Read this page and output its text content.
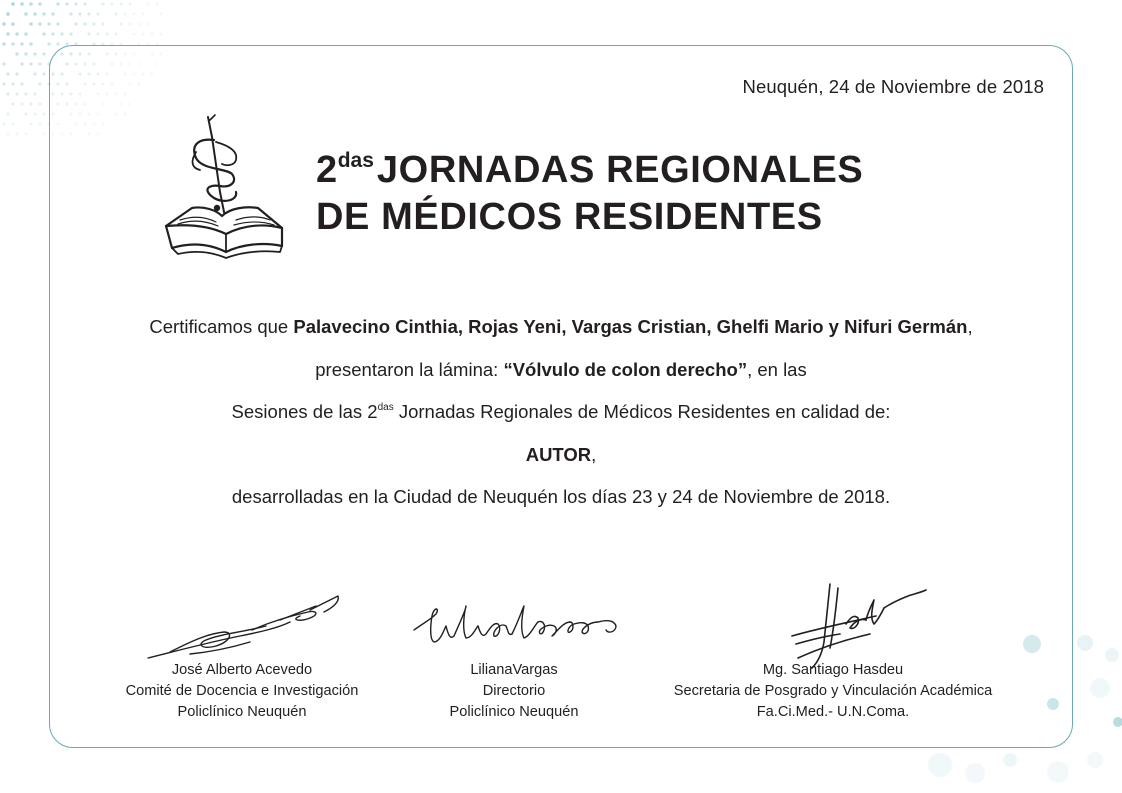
Neuquén, 24 de Noviembre de 2018
$2^{das}JORNADAS$ REGIONALES
DE MÉDICOS RESIDENTES
Certificamos que Palavecino Cinthia, Rojas Yeni, Vargas Cristian, Ghelfi Mario y Nifuri Germán,
presentaron la lámina: “Vólvulo de colon derecho”, en las
Sesiones de las $2^{das}$ Jornadas Regionales de Médicos Residentes en calidad de:
AUTOR,
desarrolladas en la Ciudad de Neuquén los días 23 y 24 de Noviembre de 2018.
José Alberto Acevedo
Comité de Docencia e Investigación
Policlínico Neuquén
LilianaVargas
Directorio
Policlínico Neuquén
Mg. Santiago Hasdeu
Secretaria de Posgrado y Vinculación Académica
Fa.Ci.Med.- U.N.Coma.
